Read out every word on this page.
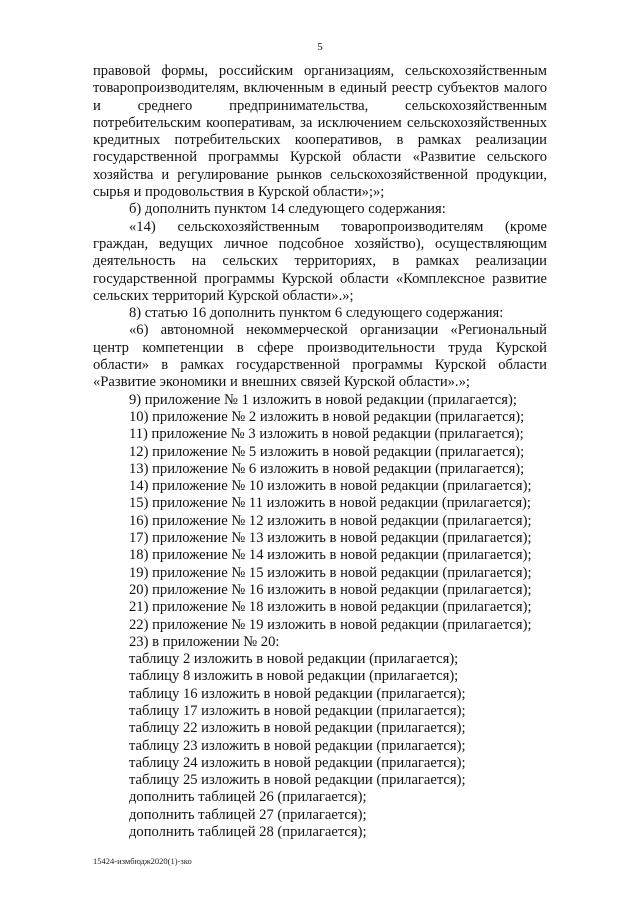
5

правовой формы, российским организациям, сельскохозяйственным товаропроизводителям, включенным в единый реестр субъектов малого и среднего предпринимательства, сельскохозяйственным потребительским кооперативам, за исключением сельскохозяйственных кредитных потребительских кооперативов, в рамках реализации государственной программы Курской области «Развитие сельского хозяйства и регулирование рынков сельскохозяйственной продукции, сырья и продовольствия в Курской области»;»;

б) дополнить пунктом 14 следующего содержания:

«14) сельскохозяйственным товаропроизводителям (кроме граждан, ведущих личное подсобное хозяйство), осуществляющим деятельность на сельских территориях, в рамках реализации государственной программы Курской области «Комплексное развитие сельских территорий Курской области».»;

8) статью 16 дополнить пунктом 6 следующего содержания:

«6) автономной некоммерческой организации «Региональный центр компетенции в сфере производительности труда Курской области» в рамках государственной программы Курской области «Развитие экономики и внешних связей Курской области».»;

9) приложение № 1 изложить в новой редакции (прилагается);

10) приложение № 2 изложить в новой редакции (прилагается);

11) приложение № 3 изложить в новой редакции (прилагается);

12) приложение № 5 изложить в новой редакции (прилагается);

13) приложение № 6 изложить в новой редакции (прилагается);

14) приложение № 10 изложить в новой редакции (прилагается);

15) приложение № 11 изложить в новой редакции (прилагается);

16) приложение № 12 изложить в новой редакции (прилагается);

17) приложение № 13 изложить в новой редакции (прилагается);

18) приложение № 14 изложить в новой редакции (прилагается);

19) приложение № 15 изложить в новой редакции (прилагается);

20) приложение № 16 изложить в новой редакции (прилагается);

21) приложение № 18 изложить в новой редакции (прилагается);

22) приложение № 19 изложить в новой редакции (прилагается);

23) в приложении № 20:

таблицу 2 изложить в новой редакции (прилагается);

таблицу 8 изложить в новой редакции (прилагается);

таблицу 16 изложить в новой редакции (прилагается);

таблицу 17 изложить в новой редакции (прилагается);

таблицу 22 изложить в новой редакции (прилагается);

таблицу 23 изложить в новой редакции (прилагается);

таблицу 24 изложить в новой редакции (прилагается);

таблицу 25 изложить в новой редакции (прилагается);

дополнить таблицей 26 (прилагается);

дополнить таблицей 27 (прилагается);

дополнить таблицей 28 (прилагается);

15424-измбюдж2020(1)-зко
